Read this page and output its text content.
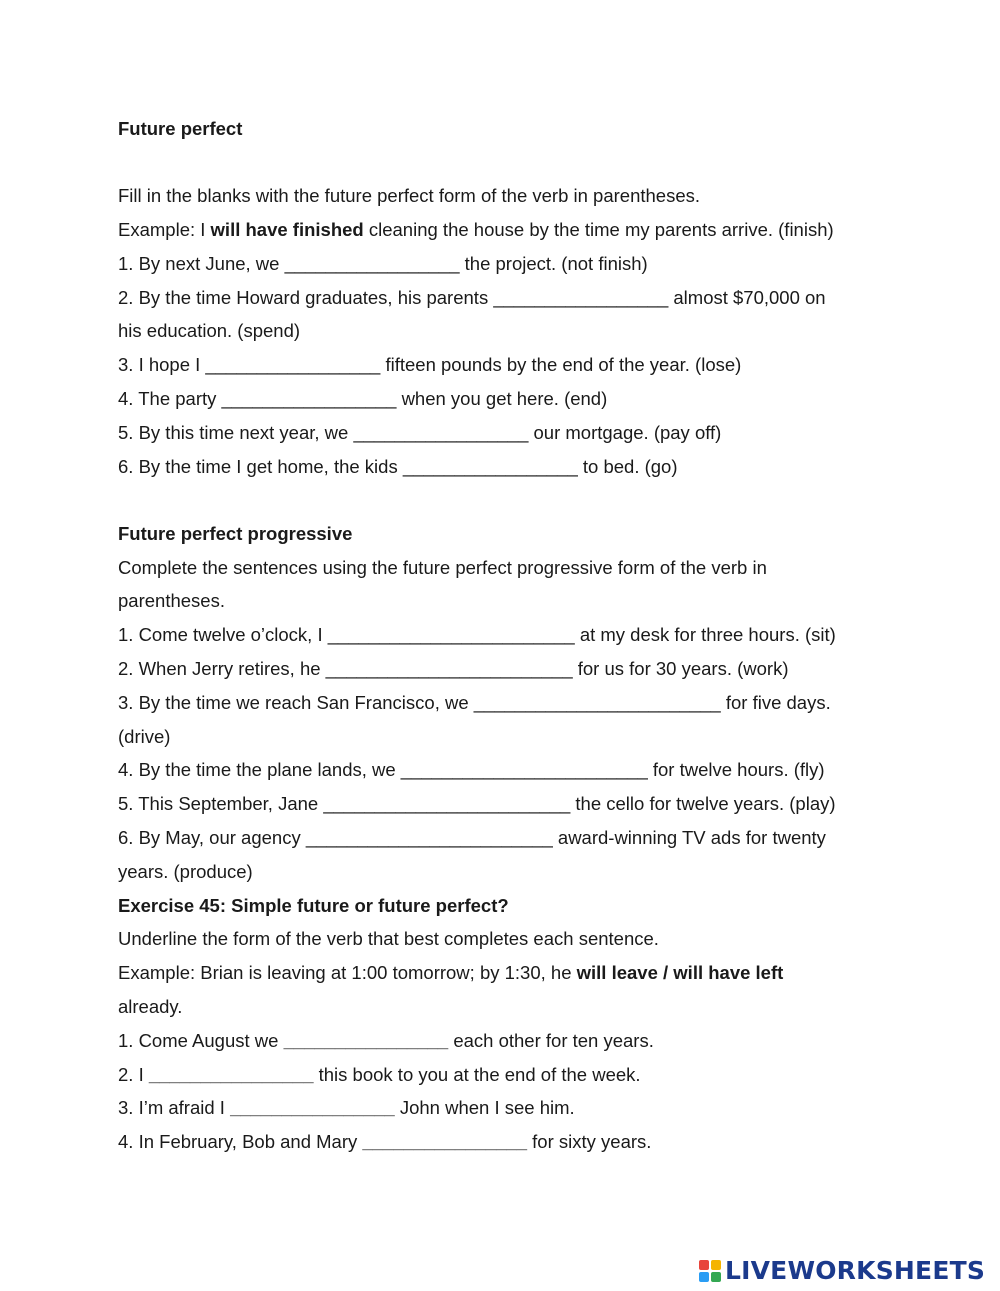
Future perfect
Fill in the blanks with the future perfect form of the verb in parentheses.
Example: I will have finished cleaning the house by the time my parents arrive. (finish)
1. By next June, we _________________ the project. (not finish)
2. By the time Howard graduates, his parents _________________ almost $70,000 on
his education. (spend)
3. I hope I _________________ fifteen pounds by the end of the year. (lose)
4. The party _________________ when you get here. (end)
5. By this time next year, we _________________ our mortgage. (pay off)
6. By the time I get home, the kids _________________ to bed. (go)
Future perfect progressive
Complete the sentences using the future perfect progressive form of the verb in
parentheses.
1. Come twelve o’clock, I ________________________ at my desk for three hours. (sit)
2. When Jerry retires, he ________________________ for us for 30 years. (work)
3. By the time we reach San Francisco, we ________________________ for five days.
(drive)
4. By the time the plane lands, we ________________________ for twelve hours. (fly)
5. This September, Jane ________________________ the cello for twelve years. (play)
6. By May, our agency ________________________ award-winning TV ads for twenty
years. (produce)
Exercise 45: Simple future or future perfect?
Underline the form of the verb that best completes each sentence.
Example: Brian is leaving at 1:00 tomorrow; by 1:30, he will leave / will have left
already.
1. Come August we ________________ each other for ten years.
2. I ________________ this book to you at the end of the week.
3. I’m afraid I ________________ John when I see him.
4. In February, Bob and Mary ________________ for sixty years.
LIVEWORKSHEETS
